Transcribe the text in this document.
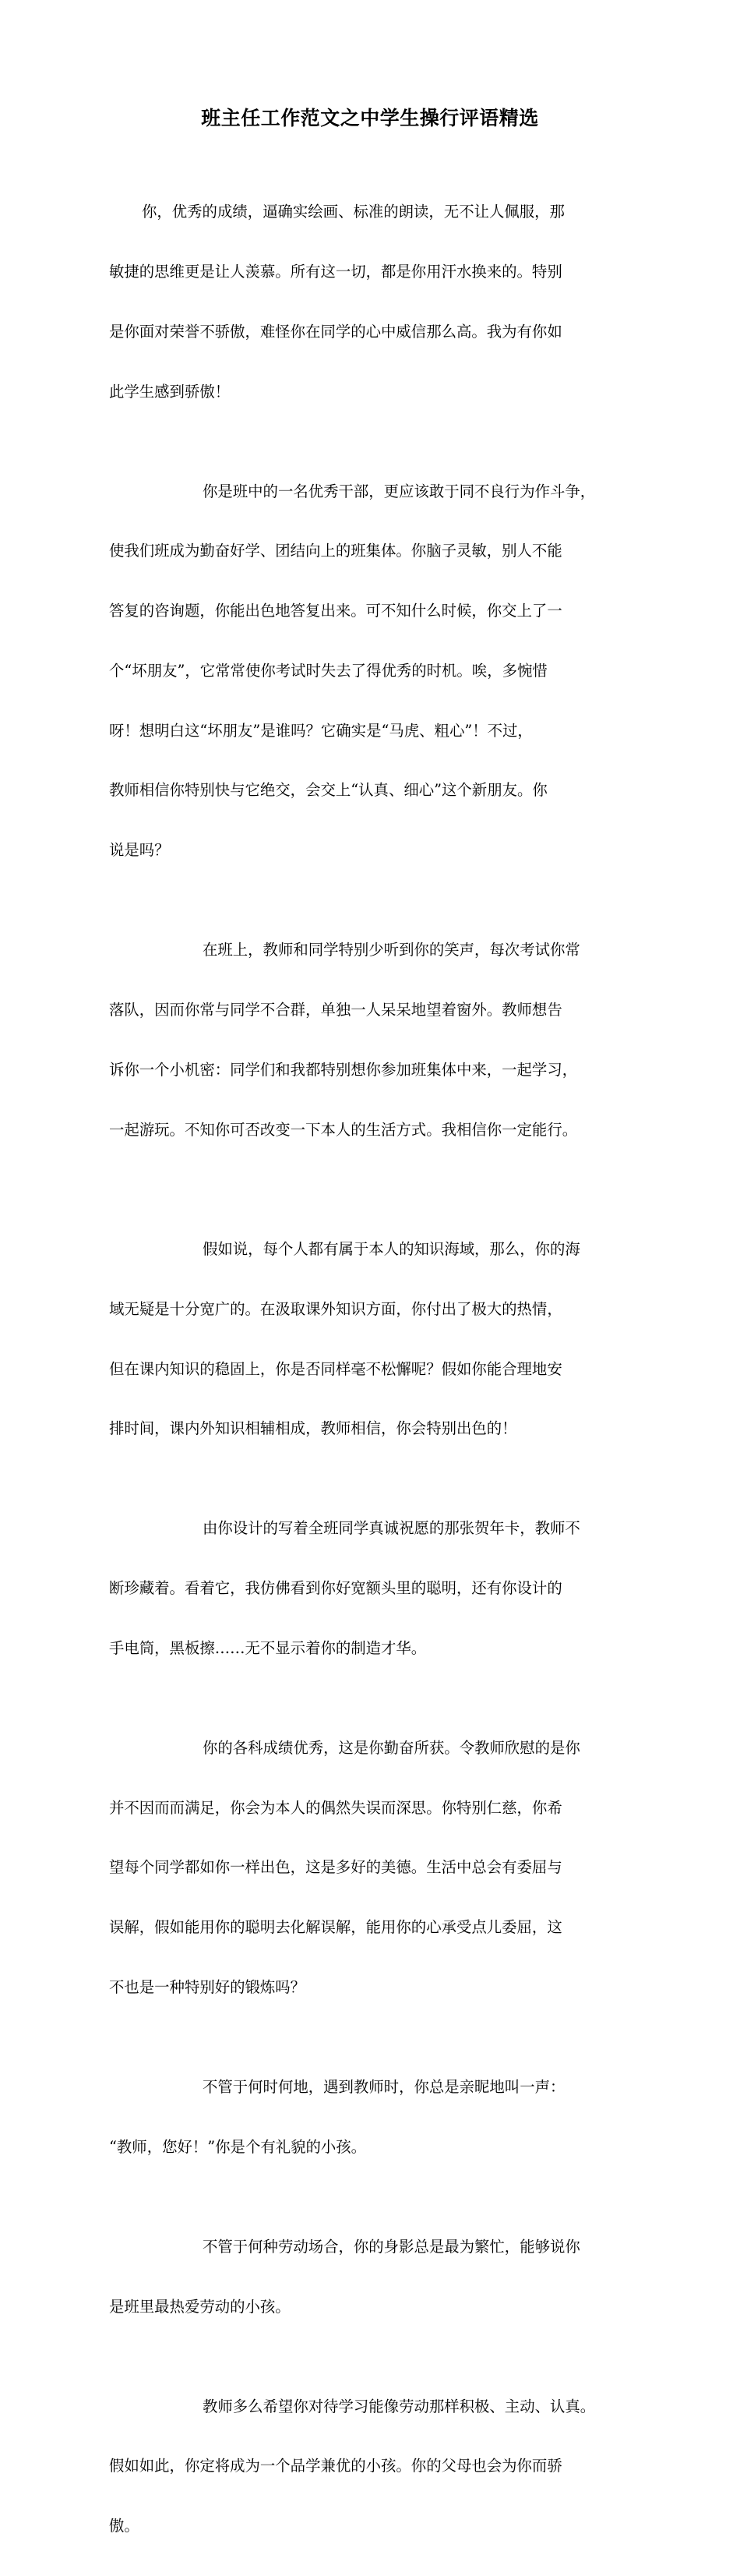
班主任工作范文之中学生操行评语精选

你，优秀的成绩，逼确实绘画、标准的朗读，无不让人佩服，那

敏捷的思维更是让人羡慕。所有这一切，都是你用汗水换来的。特别

是你面对荣誉不骄傲，难怪你在同学的心中威信那么高。我为有你如

此学生感到骄傲！

你是班中的一名优秀干部，更应该敢于同不良行为作斗争，

使我们班成为勤奋好学、团结向上的班集体。你脑子灵敏，别人不能

答复的咨询题，你能出色地答复出来。可不知什么时候，你交上了一

个“坏朋友”，它常常使你考试时失去了得优秀的时机。唉，多惋惜

呀！想明白这“坏朋友”是谁吗？它确实是“马虎、粗心”！不过，

教师相信你特别快与它绝交，会交上“认真、细心”这个新朋友。你

说是吗？

在班上，教师和同学特别少听到你的笑声，每次考试你常

落队，因而你常与同学不合群，单独一人呆呆地望着窗外。教师想告

诉你一个小机密：同学们和我都特别想你参加班集体中来，一起学习，

一起游玩。不知你可否改变一下本人的生活方式。我相信你一定能行。

假如说，每个人都有属于本人的知识海域，那么，你的海

域无疑是十分宽广的。在汲取课外知识方面，你付出了极大的热情，

但在课内知识的稳固上，你是否同样毫不松懈呢？假如你能合理地安

排时间，课内外知识相辅相成，教师相信，你会特别出色的！

由你设计的写着全班同学真诚祝愿的那张贺年卡，教师不

断珍藏着。看着它，我仿佛看到你好宽额头里的聪明，还有你设计的

手电筒，黑板擦……无不显示着你的制造才华。

你的各科成绩优秀，这是你勤奋所获。令教师欣慰的是你

并不因而而满足，你会为本人的偶然失误而深思。你特别仁慈，你希

望每个同学都如你一样出色，这是多好的美德。生活中总会有委屈与

误解，假如能用你的聪明去化解误解，能用你的心承受点儿委屈，这

不也是一种特别好的锻炼吗？

不管于何时何地，遇到教师时，你总是亲昵地叫一声：

“教师，您好！”你是个有礼貌的小孩。

不管于何种劳动场合，你的身影总是最为繁忙，能够说你

是班里最热爱劳动的小孩。

教师多么希望你对待学习能像劳动那样积极、主动、认真。

假如如此，你定将成为一个品学兼优的小孩。你的父母也会为你而骄

傲。
